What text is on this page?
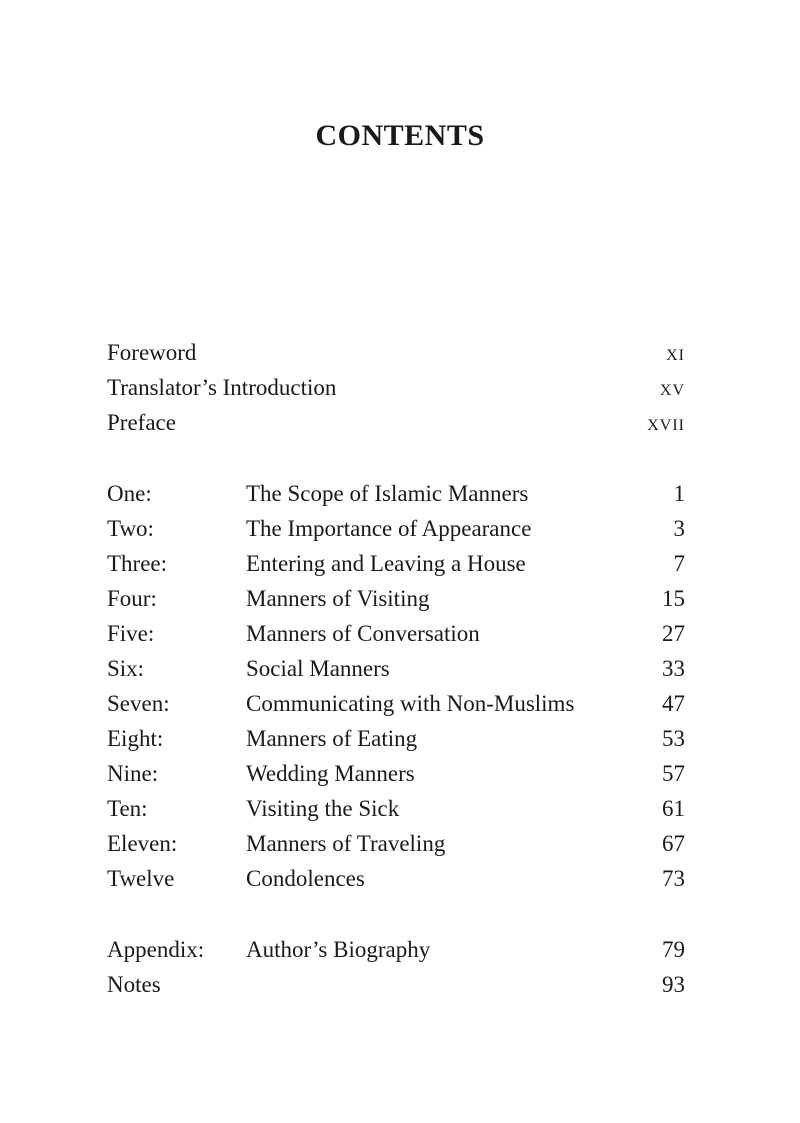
CONTENTS
Foreword	xi
Translator’s Introduction	xv
Preface	xvii
One:	The Scope of Islamic Manners	1
Two:	The Importance of Appearance	3
Three:	Entering and Leaving a House	7
Four:	Manners of Visiting	15
Five:	Manners of Conversation	27
Six:	Social Manners	33
Seven:	Communicating with Non-Muslims	47
Eight:	Manners of Eating	53
Nine:	Wedding Manners	57
Ten:	Visiting the Sick	61
Eleven:	Manners of Traveling	67
Twelve	Condolences	73
Appendix: Author’s Biography	79
Notes	93
